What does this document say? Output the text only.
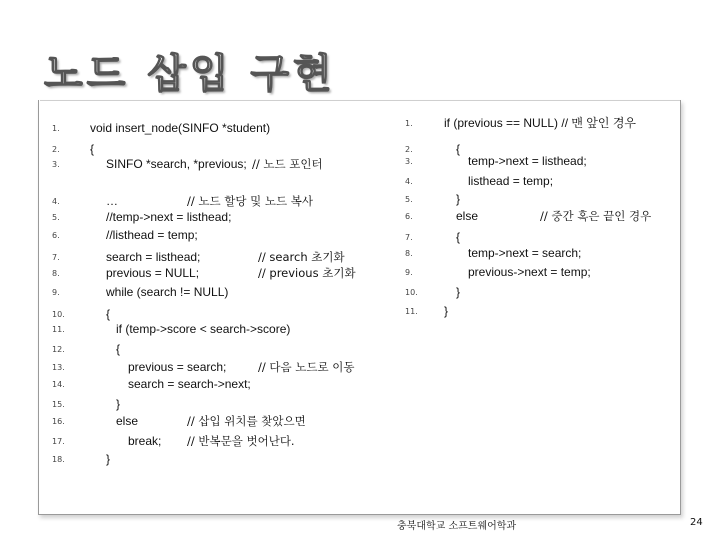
노드 삽입 구현
1.	void insert_node(SINFO *student)
2.	{
3.	SINFO *search, *previous; // 노드 포인터
4.	…	// 노드 할당 및 노드 복사
5.	//temp->next = listhead;
6.	//listhead = temp;
7.	search = listhead;	// search 초기화
8.	previous = NULL;	// previous 초기화
9.	while (search != NULL)
10.	{
11.	if (temp->score < search->score)
12.	{
13.	previous = search;	// 다음 노드로 이동
14.	search = search->next;
15.	}
16.	else	// 삽입 위치를 찾았으면
17.	break; // 반복문을 벗어난다.
18.	}
1.	if (previous == NULL) // 맨 앞인 경우
2.	{
3.	temp->next = listhead;
4.	listhead = temp;
5.	}
6.	else	// 중간 혹은 끝인 경우
7.	{
8.	temp->next = search;
9.	previous->next = temp;
10.	}
11. }
충북대학교 소프트웨어학과	24
